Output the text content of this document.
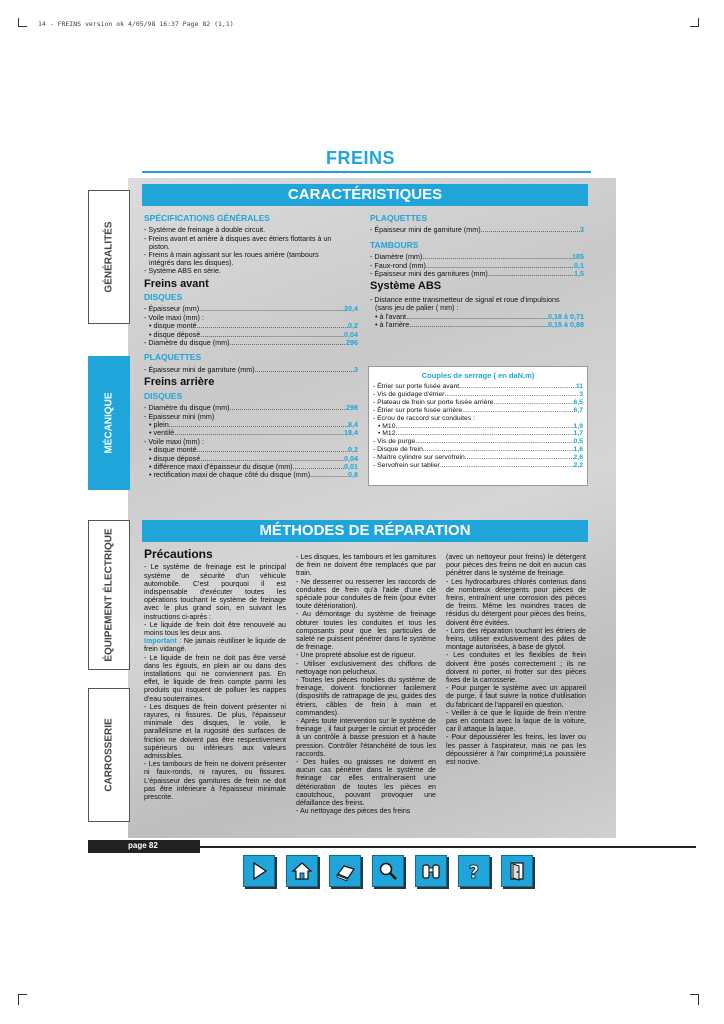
14 - FREINS version ok 4/05/98 16:37 Page 82 (1,1)
FREINS
GÉNÉRALITÉS
MÉCANIQUE
ÉQUIPEMENT ÉLECTRIQUE
CARROSSERIE
CARACTÉRISTIQUES
SPÉCIFICATIONS GÉNÉRALES
- Système de freinage à double circuit.
- Freins avant et arrière à disques avec étriers flottants à un
piston.
- Freins à main agissant sur les roues arrière (tambours
intégrés dans les disques).
- Système ABS en série.
Freins avant
DISQUES
- Épaisseur (mm) .....	20,4
- Voile maxi (mm) :
• disque monté .....	0,2
• disque déposé .....	0,04
- Diamètre du disque (mm) .....	296
PLAQUETTES
- Épaisseur mini de garniture (mm) .....	3
Freins arrière
DISQUES
- Diamètre du disque (mm) .....	298
- Épaisseur mini (mm)
• plein .....	8,4
• ventilé .....	18,4
- Voile maxi (mm) :
• disque monté .....	0,2
• disque déposé .....	0,04
• différence maxi d'épaisseur du disque (mm) .....	0,01
• rectification maxi de chaque côté du disque (mm) .....	0,8
PLAQUETTES
- Épaisseur mini de garniture (mm) .....	3
TAMBOURS
- Diamètre (mm) .....	185
- Faux-rond (mm) .....	0,1
- Épaisseur mini des garnitures (mm) .....	1,5
Système ABS
- Distance entre transmetteur de signal et roue d'impulsions
(sans jeu de palier ( mm) :
• à l'avant .....	0,18 à 0,71
• à l'arrière .....	0,15 à 0,88
Couples de serrage ( en daN.m)
- Étrier sur porte fusée avant .....	11
- Vis de guidage d'étrier .....	3
- Plateau de frein sur porte fusée arrière .....	6,5
- Étrier sur porte fusée arrière .....	6,7
- Écrou de raccord sur conduites :
• M10 .....	1,9
• M12 .....	1,7
- Vis de purge .....	0,5
- Disque de frein .....	1,6
- Maître cylindre sur servofrein .....	2,6
- Servofrein sur tablier .....	2,2
MÉTHODES DE RÉPARATION
Précautions
- Le système de freinage est le principal système de sécurité d'un véhicule automobile. C'est pourquoi il est indispensable d'exécuter toutes les opérations touchant le système de freinage avec le plus grand soin, en suivant les instructions ci-après :
- Le liquide de frein doit être renouvelé au moins tous les deux ans.
Important : Ne jamais réutiliser le liquide de frein vidangé.
- Le liquide de frein ne doit pas être versé dans les égouts, en plein air ou dans des installations qui ne conviennent pas. En effet, le liquide de frein compte parmi les produits qui risquent de polluer les nappes d'eau souterraines.
- Les disques de frein doivent présenter ni rayures, ni fissures. De plus, l'épaisseur minimale des disques, le voile, le parallélisme et la rugosité des surfaces de friction ne doivent pas être respectivement supérieurs ou inférieurs aux valeurs admissibles.
- Les tambours de frein ne doivent présenter ni faux-ronds, ni rayures, ou fissures. L'épaisseur des garnitures de frein ne doit pas être inférieure à l'épaisseur minimale prescrite.
- Les disques, les tambours et les garnitures de frein ne doivent être remplacés que par train.
- Ne desserrer ou resserrer les raccords de conduites de frein qu'à l'aide d'une clé spéciale pour conduites de frein (pour éviter toute détérioration).
- Au démontage du système de freinage obturer toutes les conduites et tous les composants pour que les particules de saleté ne puissent pénétrer dans le système de freinage.
- Une propreté absolue est de rigueur.
- Utiliser exclusivement des chiffons de nettoyage non pelucheux.
- Toutes les pièces mobiles du système de freinage, doivent fonctionner facilement (dispositifs de rattrapage de jeu, guides des étriers, câbles de frein à main et commandes).
- Après toute intervention sur le système de freinage , il faut purger le circuit et procéder à un contrôle à basse pression et à haute pression. Contrôler l'étanchéité de tous les raccords.
- Des huiles ou graisses ne doivent en aucun cas pénétrer dans le système de freinage car elles entraîneraient une détérioration de toutes les pièces en caoutchouc, pouvant provoquer une défaillance des freins.
- Au nettoyage des pièces des freins
(avec un nettoyeur pour freins) le détergent pour pièces des freins ne doit en aucun cas pénétrer dans le système de freinage.
- Les hydrocarbures chlorés contenus dans de nombreux détergents pour pièces de freins, entraînent une corrosion des pièces de freins. Même les moindres traces de résidus du détergent pour pièces des freins, doivent être évitées.
- Lors des réparation touchant les étriers de freins, utiliser exclusivement des pâtes de montage autorisées, à base de glycol.
- Les conduites et les flexibles de frein doivent être posés correctement ; ils ne doivent ni porter, ni frotter sur des pièces fixes de la carrosserie.
- Pour purger le système avec un appareil de purge, il faut suivre la notice d'utilisation du fabricant de l'appareil en question.
- Veiller à ce que le liquide de frein n'entre pas en contact avec la laque de la voiture, car il attaque la laque.
- Pour dépoussiérer les freins, les laver ou les passer à l'aspirateur, mais ne pas les dépoussiérer à l'air comprimé;La poussière est nocive.
page 82
?
